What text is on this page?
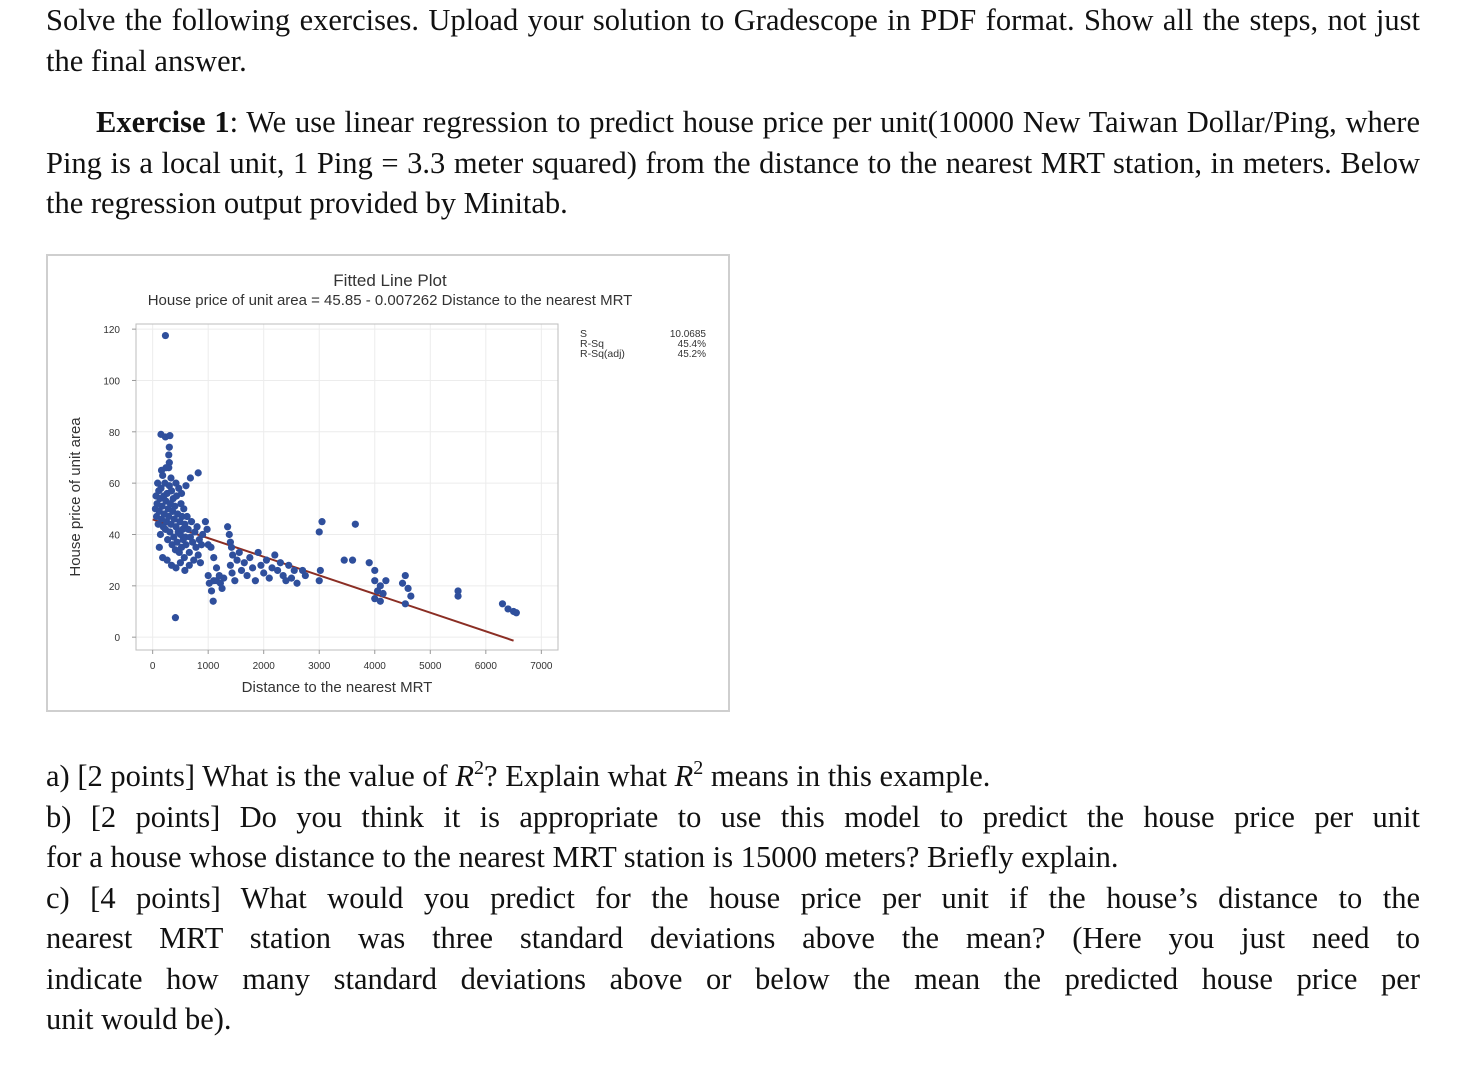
Solve the following exercises. Upload your solution to Gradescope in PDF format. Show all the steps, not just the final answer.
Exercise 1: We use linear regression to predict house price per unit(10000 New Taiwan Dollar/Ping, where Ping is a local unit, 1 Ping = 3.3 meter squared) from the distance to the nearest MRT station, in meters. Below the regression output provided by Minitab.
Fitted Line Plot
House price of unit area = 45.85 - 0.007262 Distance to the nearest MRT
0
20
40
60
80
100
120
0	1000	2000	3000	4000	5000	6000	7000
Distance to the nearest MRT
House price of unit area
S	10.0685
R-Sq	45.4%
R-Sq(adj)	45.2%
a) [2 points] What is the value of $R^2$? Explain what $R^2$ means in this example.
b) [2 points] Do you think it is appropriate to use this model to predict the house price per unit
for a house whose distance to the nearest MRT station is 15000 meters? Briefly explain.
c) [4 points] What would you predict for the house price per unit if the house’s distance to the
nearest MRT station was three standard deviations above the mean? (Here you just need to
indicate how many standard deviations above or below the mean the predicted house price per
unit would be).
